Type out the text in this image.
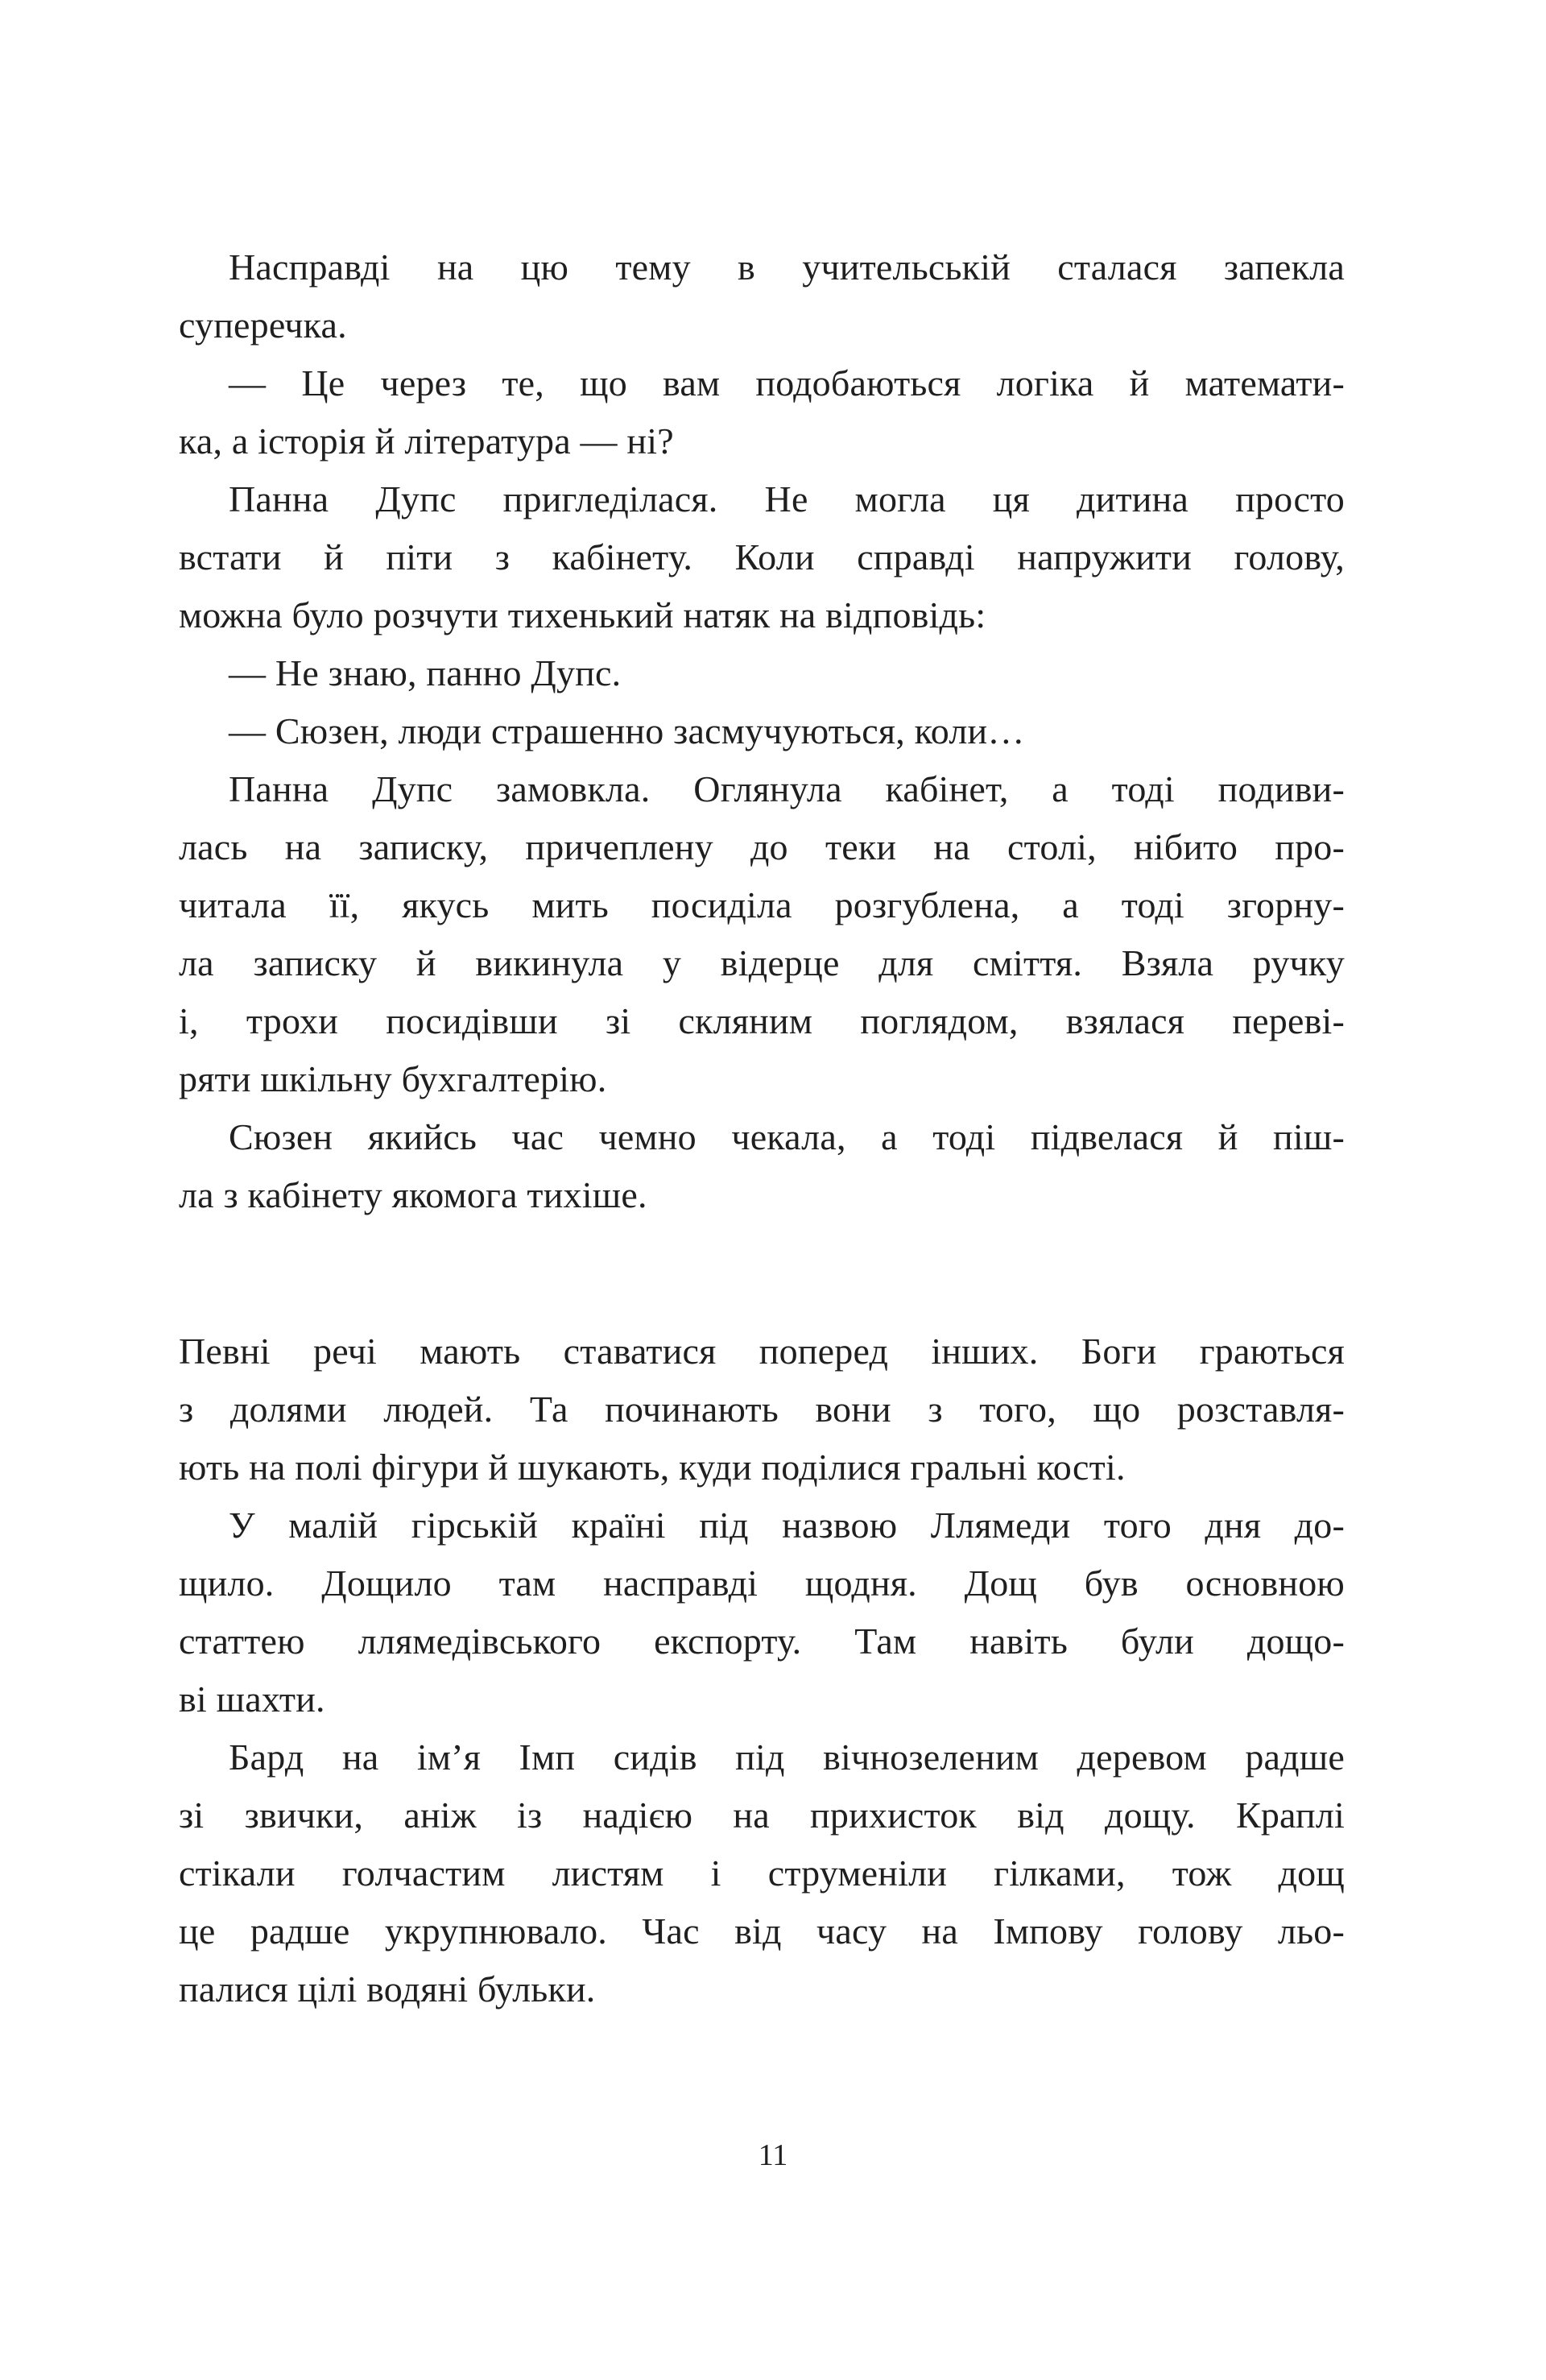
Насправді на цю тему в учительській сталася запекла
суперечка.
— Це через те, що вам подобаються логіка й математи-
ка, а історія й література — ні?
Панна Дупс пригледілася. Не могла ця дитина просто
встати й піти з кабінету. Коли справді напружити голову,
можна було розчути тихенький натяк на відповідь:
— Не знаю, панно Дупс.
— Сюзен, люди страшенно засмучуються, коли…
Панна Дупс замовкла. Оглянула кабінет, а тоді подиви-
лась на записку, причеплену до теки на столі, нібито про-
читала її, якусь мить посиділа розгублена, а тоді згорну-
ла записку й викинула у відерце для сміття. Взяла ручку
і, трохи посидівши зі скляним поглядом, взялася переві-
ряти шкільну бухгалтерію.
Сюзен якийсь час чемно чекала, а тоді підвелася й піш-
ла з кабінету якомога тихіше.
Певні речі мають ставатися поперед інших. Боги граються
з долями людей. Та починають вони з того, що розставля-
ють на полі фігури й шукають, куди поділися гральні кості.
У малій гірській країні під назвою Ллямеди того дня до-
щило. Дощило там насправді щодня. Дощ був основною
статтею ллямедівського експорту. Там навіть були дощо-
ві шахти.
Бард на ім’я Імп сидів під вічнозеленим деревом радше
зі звички, аніж із надією на прихисток від дощу. Краплі
стікали голчастим листям і струменіли гілками, тож дощ
це радше укрупнювало. Час від часу на Імпову голову льо-
палися цілі водяні бульки.
11
